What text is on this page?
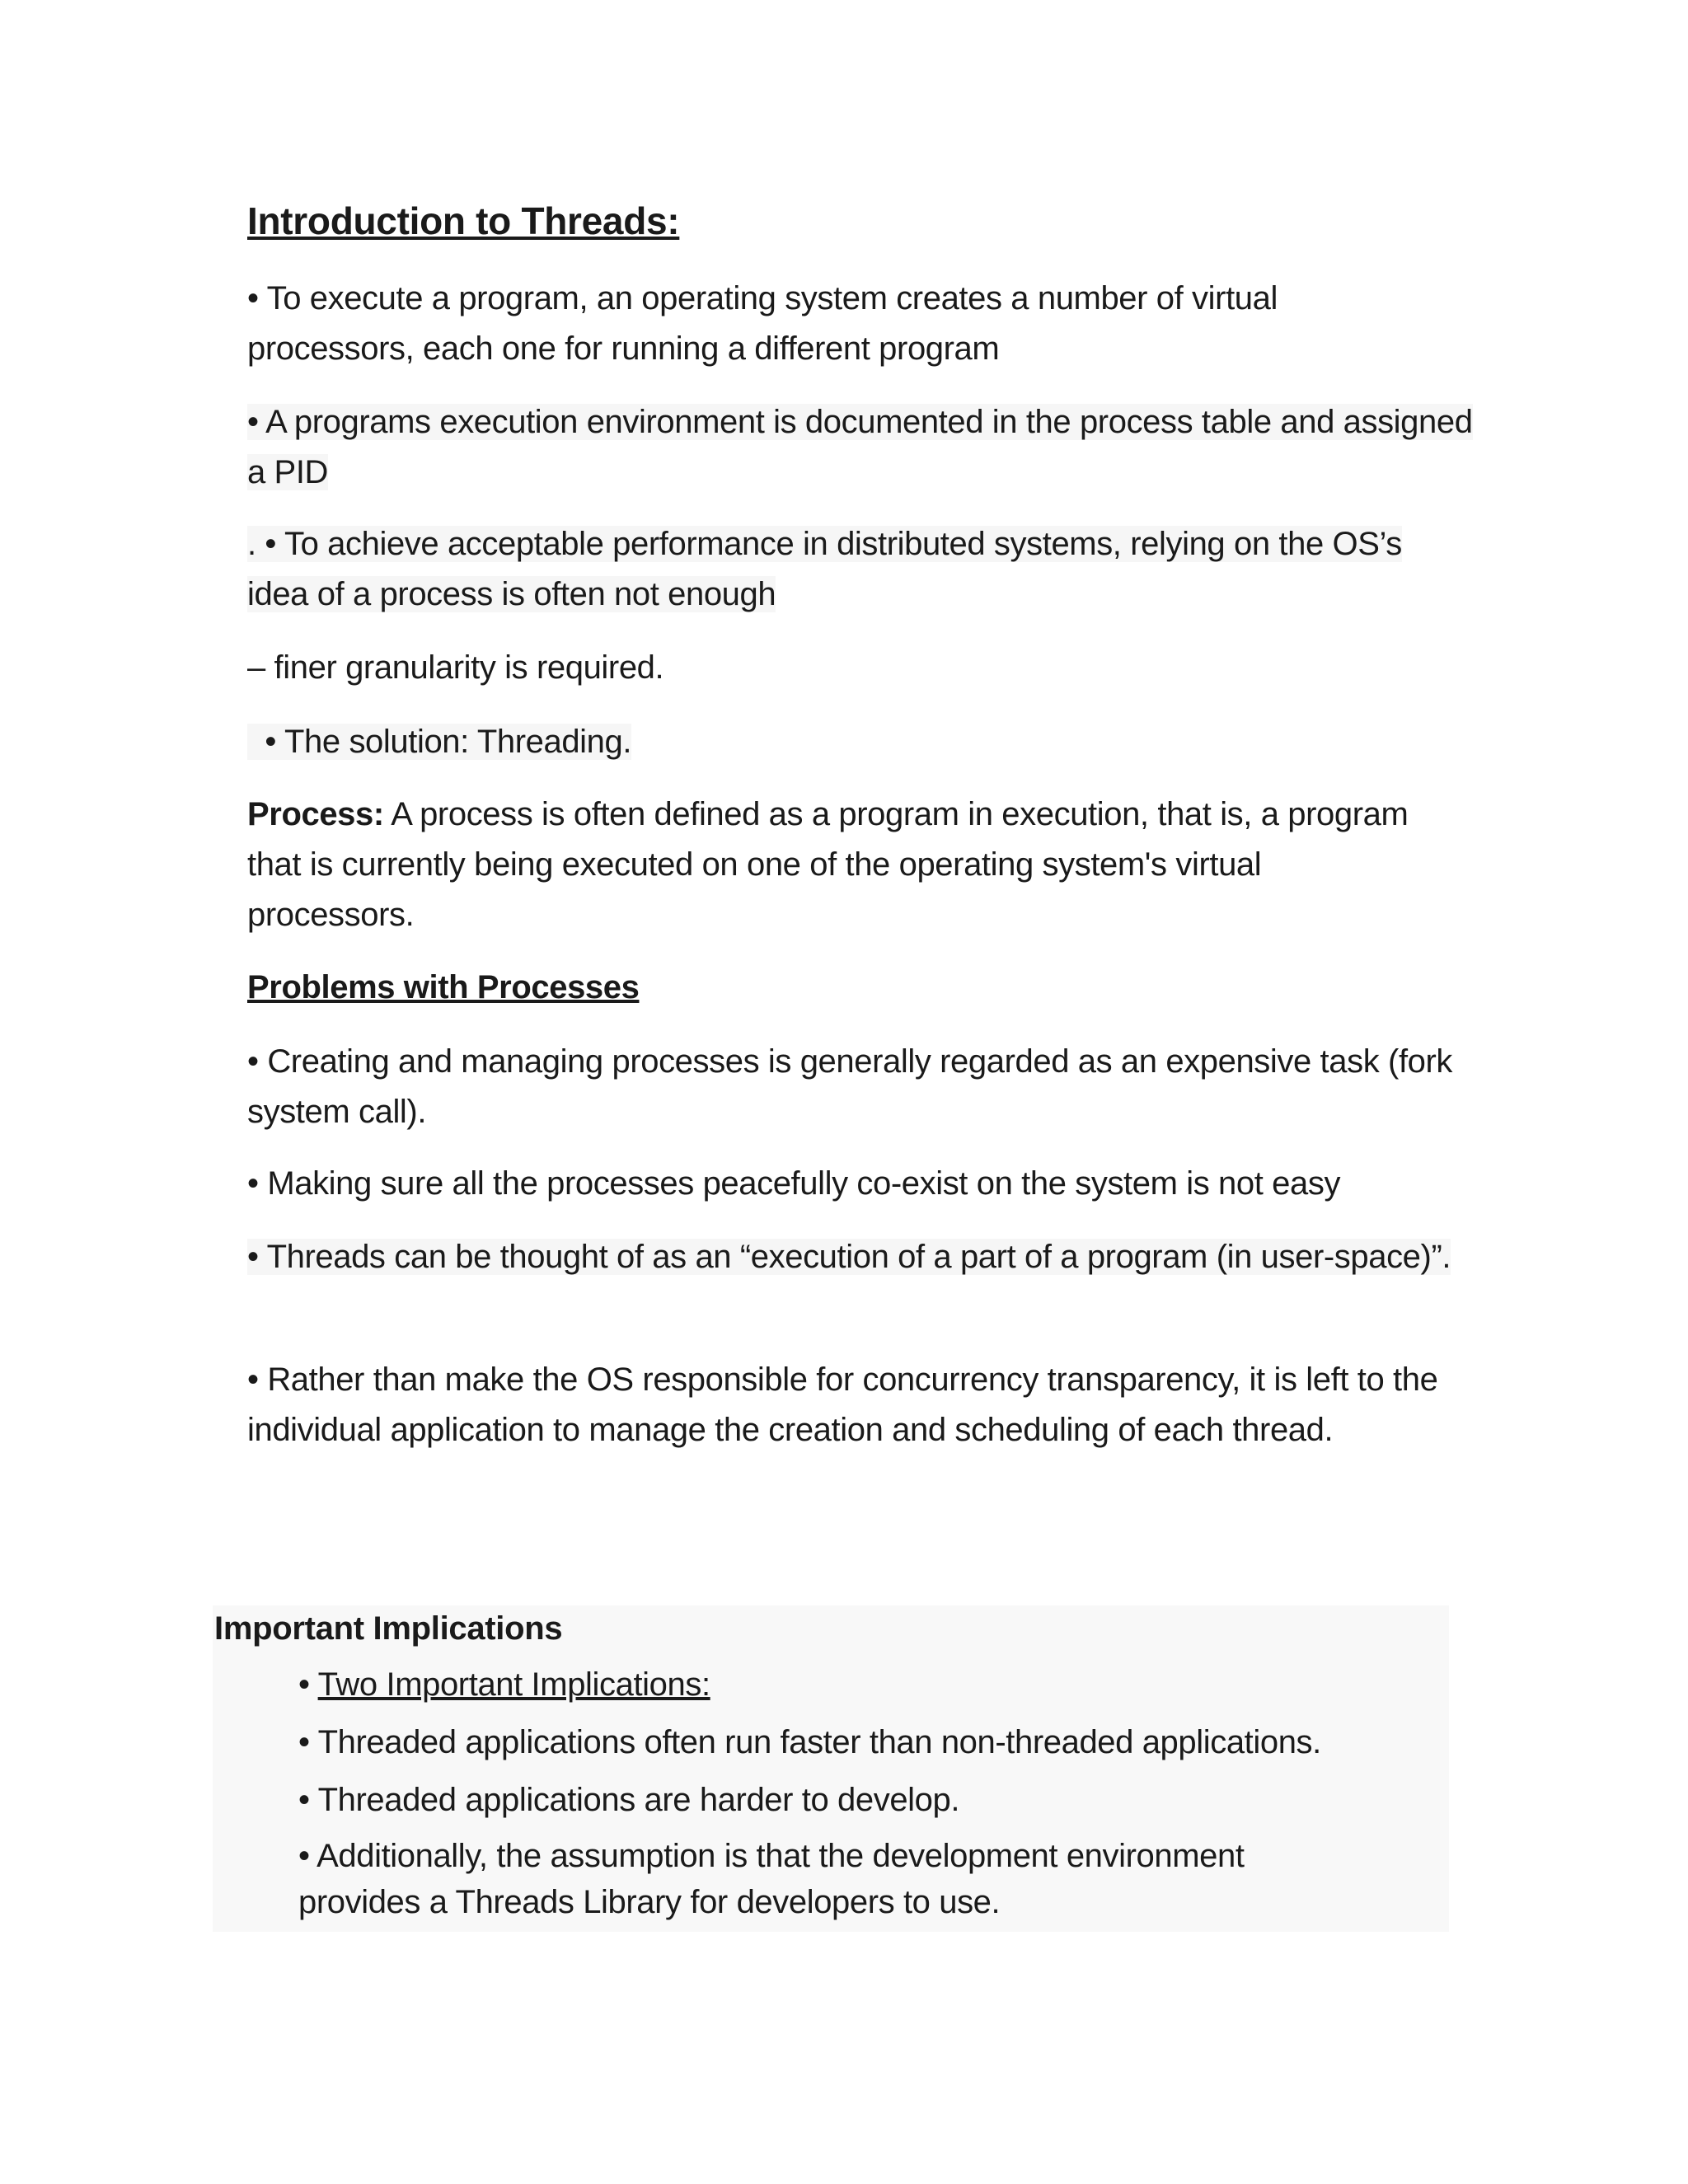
Introduction to Threads:

• To execute a program, an operating system creates a number of virtual processors, each one for running a different program

• A programs execution environment is documented in the process table and assigned a PID

. • To achieve acceptable performance in distributed systems, relying on the OS’s idea of a process is often not enough

– finer granularity is required.

• The solution: Threading.

Process: A process is often defined as a program in execution, that is, a program that is currently being executed on one of the operating system's virtual processors.

Problems with Processes

• Creating and managing processes is generally regarded as an expensive task (fork system call).

• Making sure all the processes peacefully co-exist on the system is not easy

• Threads can be thought of as an “execution of a part of a program (in user-space)”.

• Rather than make the OS responsible for concurrency transparency, it is left to the individual application to manage the creation and scheduling of each thread.

Important Implications

• Two Important Implications:

• Threaded applications often run faster than non-threaded applications.

• Threaded applications are harder to develop.

• Additionally, the assumption is that the development environment

provides a Threads Library for developers to use.
